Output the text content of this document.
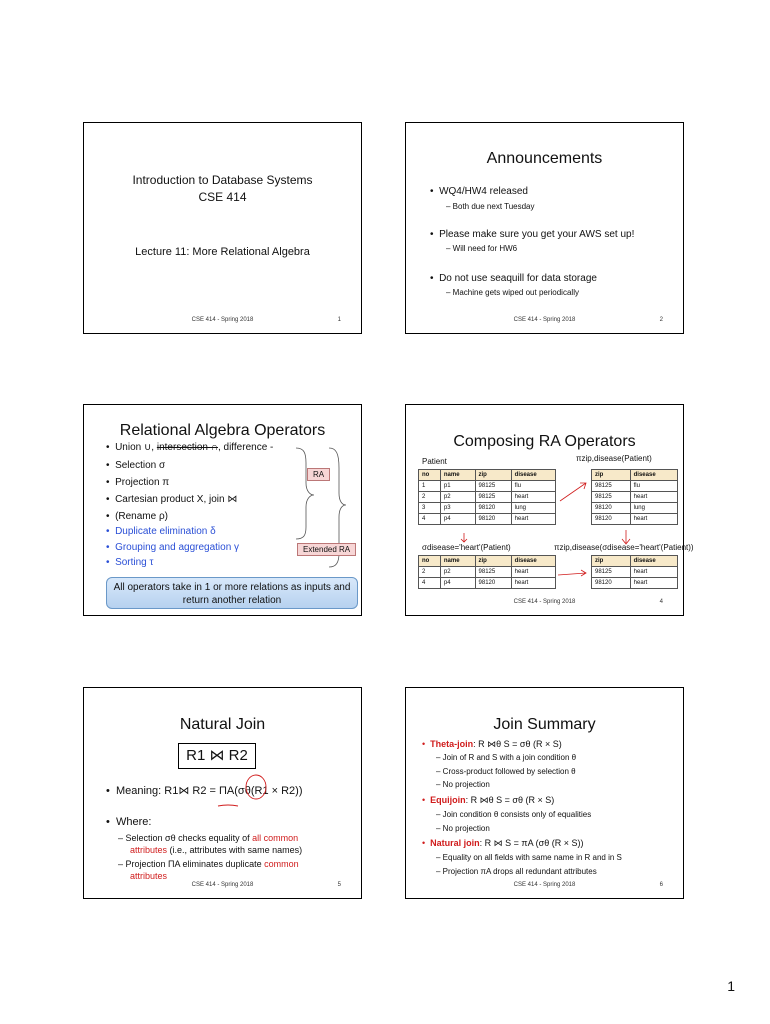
Introduction to Database Systems
CSE 414
Lecture 11: More Relational Algebra
CSE 414 - Spring 2018	1
Announcements
•  WQ4/HW4 released
– Both due next Tuesday
•  Please make sure you get your AWS set up!
– Will need for HW6
•  Do not use seaquill for data storage
– Machine gets wiped out periodically
CSE 414 - Spring 2018	2
Relational Algebra Operators
•  Union ∪, intersection ∩, difference -
•  Selection σ
•  Projection π
•  Cartesian product X, join ⋈
•  (Rename ρ)
•  Duplicate elimination δ
•  Grouping and aggregation γ
•  Sorting τ
RA
Extended RA
All operators take in 1 or more relations as inputs and return another relation
Composing RA Operators
Patient	πzip,disease(Patient)
no	name	zip	disease
1	p1	98125	flu
2	p2	98125	heart
3	p3	98120	lung
4	p4	98120	heart
zip	disease
98125	flu
98125	heart
98120	lung
98120	heart
σdisease='heart'(Patient)	πzip,disease(σdisease='heart'(Patient))
no	name	zip	disease
2	p2	98125	heart
4	p4	98120	heart
zip	disease
98125	heart
98120	heart
CSE 414 - Spring 2018	4
Natural Join
R1 ⋈ R2
•  Meaning: R1⋈ R2 = ΠA(σθ(R1 × R2))
•  Where:
– Selection σθ checks equality of all common
attributes (i.e., attributes with same names)
– Projection ΠA eliminates duplicate common
attributes
CSE 414 - Spring 2018	5
Join Summary
•  Theta-join: R ⋈θ S = σθ (R × S)
– Join of R and S with a join condition θ
– Cross-product followed by selection θ
– No projection
•  Equijoin: R ⋈θ S = σθ (R × S)
– Join condition θ consists only of equalities
– No projection
•  Natural join: R ⋈ S = πA (σθ (R × S))
– Equality on all fields with same name in R and in S
– Projection πA drops all redundant attributes
CSE 414 - Spring 2018	6
1
